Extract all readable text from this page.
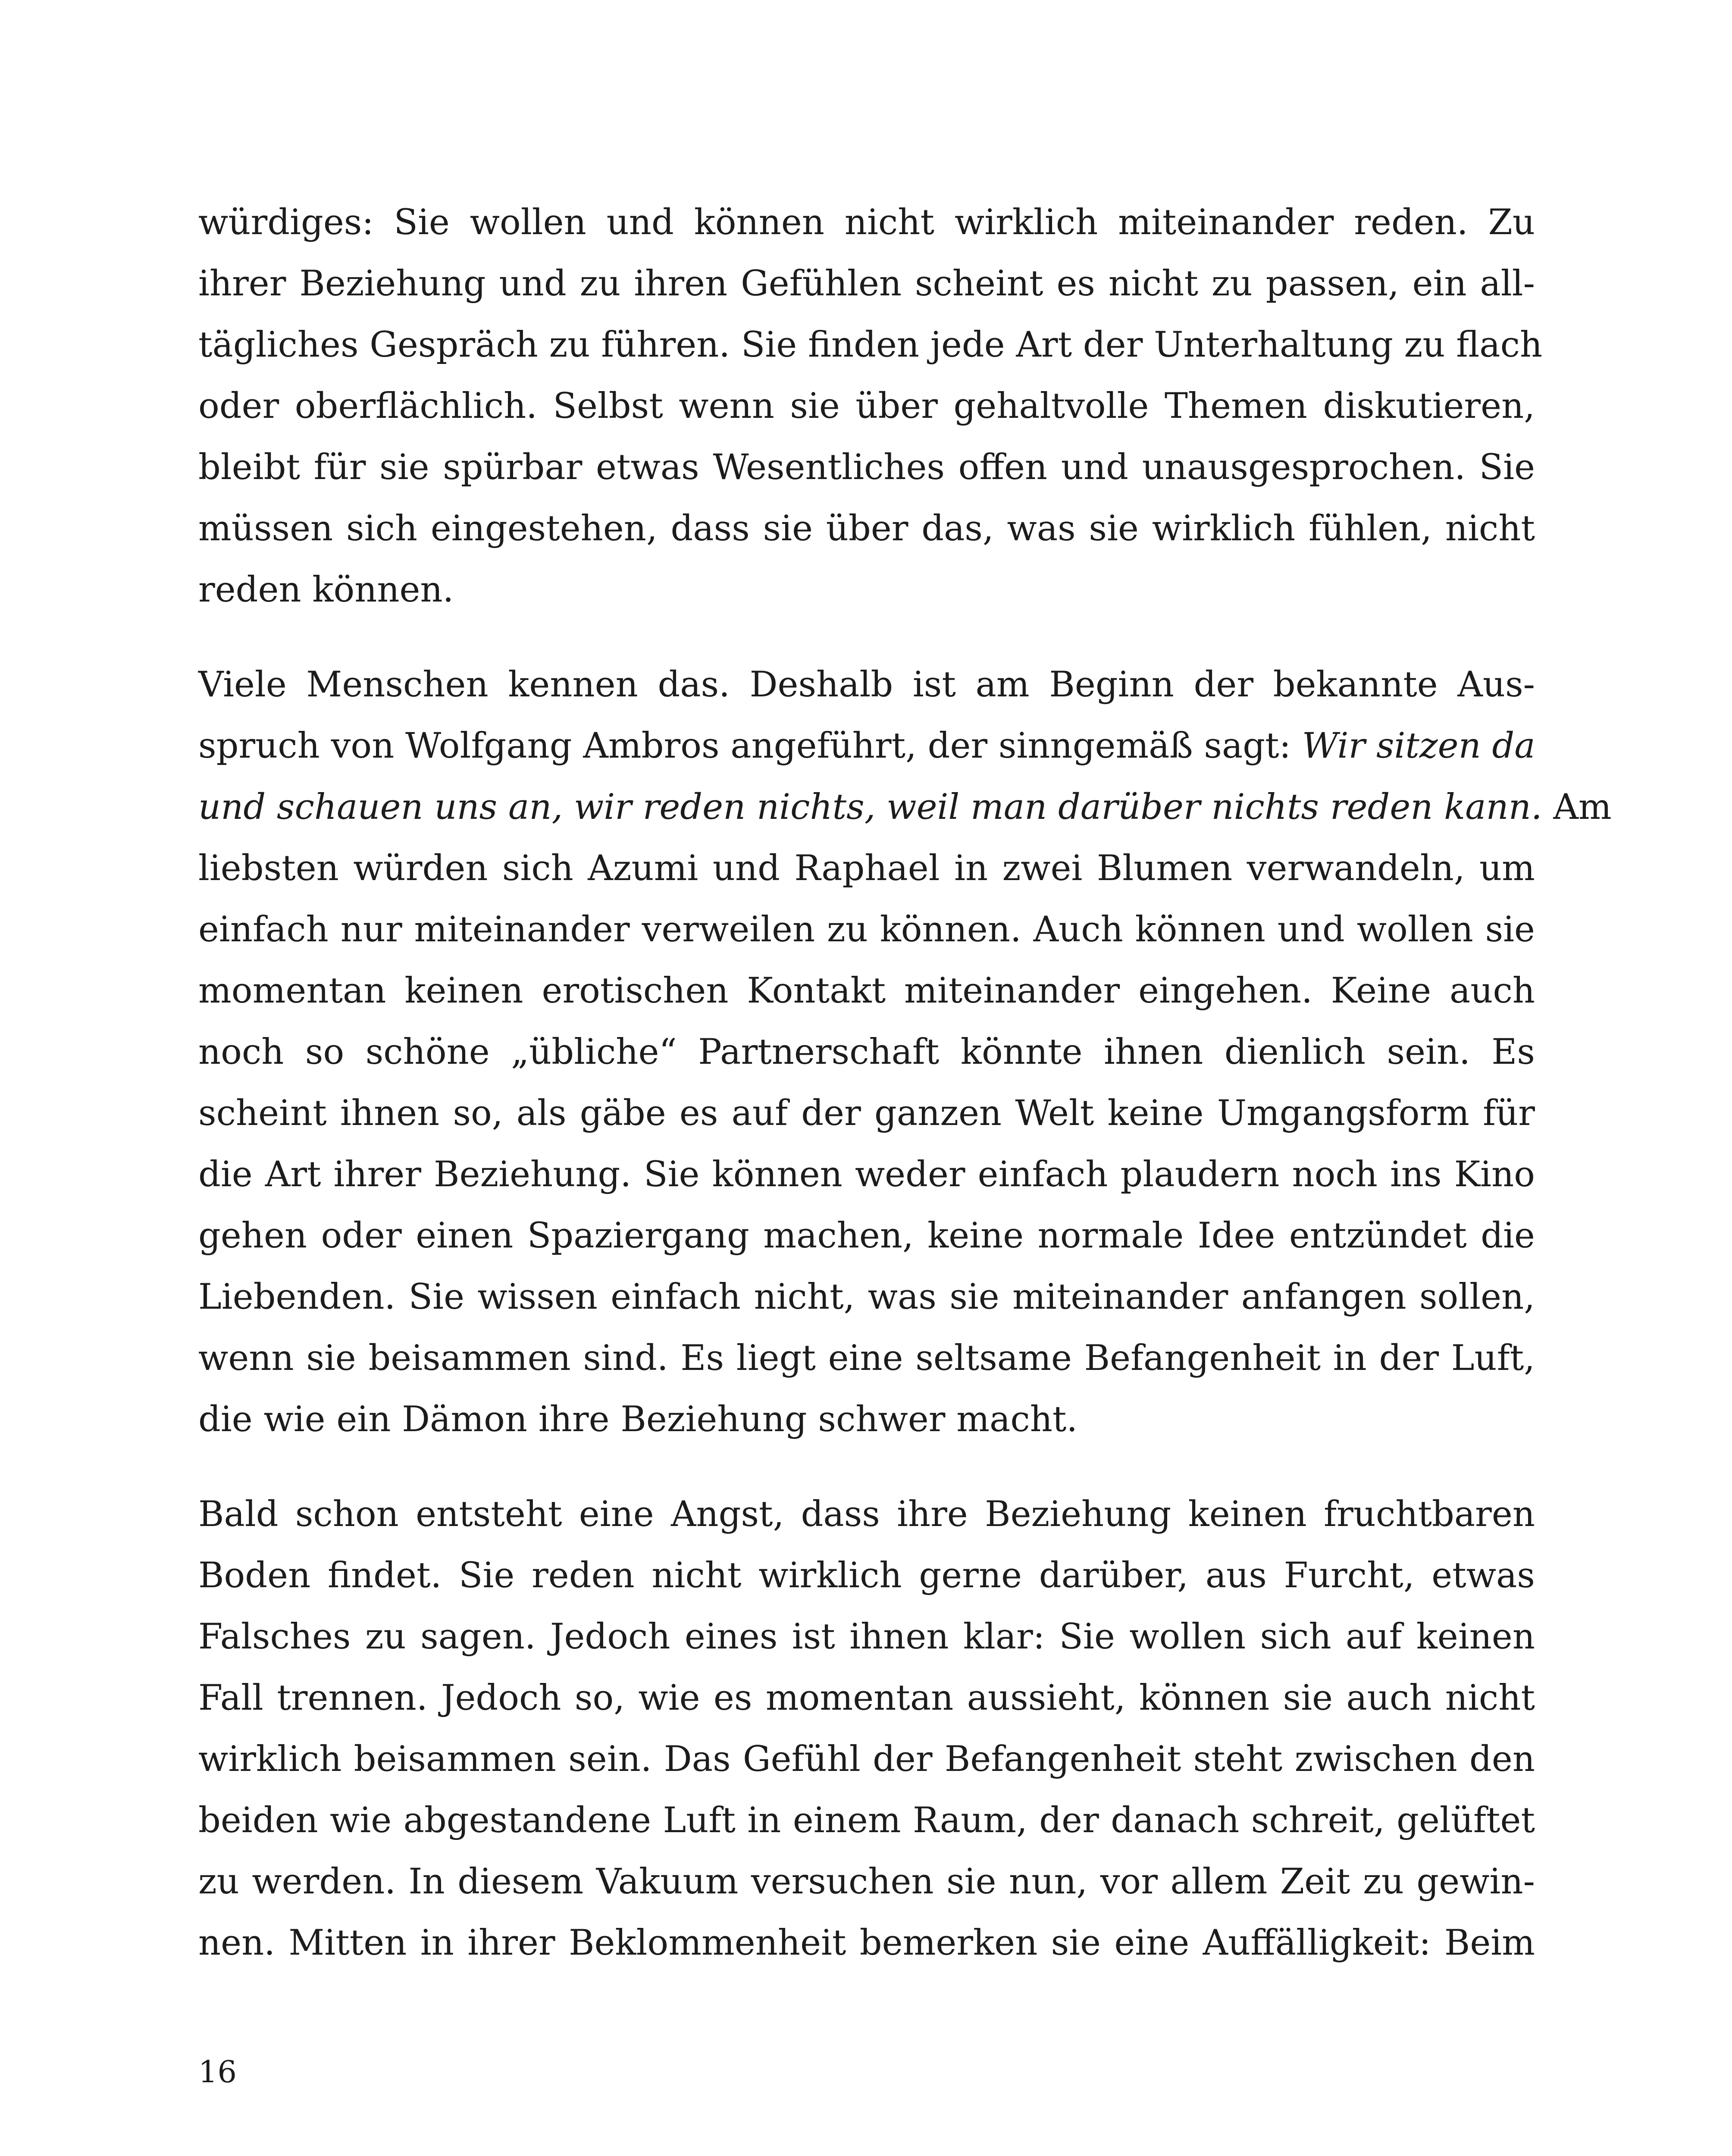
würdiges: Sie wollen und können nicht wirklich miteinander reden. Zu
ihrer Beziehung und zu ihren Gefühlen scheint es nicht zu passen, ein all-
tägliches Gespräch zu führen. Sie finden jede Art der Unterhaltung zu flach
oder oberflächlich. Selbst wenn sie über gehaltvolle Themen diskutieren,
bleibt für sie spürbar etwas Wesentliches offen und unausgesprochen. Sie
müssen sich eingestehen, dass sie über das, was sie wirklich fühlen, nicht
reden können.
Viele Menschen kennen das. Deshalb ist am Beginn der bekannte Aus-
spruch von Wolfgang Ambros angeführt, der sinngemäß sagt: Wir sitzen da
und schauen uns an, wir reden nichts, weil man darüber nichts reden kann. Am
liebsten würden sich Azumi und Raphael in zwei Blumen verwandeln, um
einfach nur miteinander verweilen zu können. Auch können und wollen sie
momentan keinen erotischen Kontakt miteinander eingehen. Keine auch
noch so schöne „übliche“ Partnerschaft könnte ihnen dienlich sein. Es
scheint ihnen so, als gäbe es auf der ganzen Welt keine Umgangsform für
die Art ihrer Beziehung. Sie können weder einfach plaudern noch ins Kino
gehen oder einen Spaziergang machen, keine normale Idee entzündet die
Liebenden. Sie wissen einfach nicht, was sie miteinander anfangen sollen,
wenn sie beisammen sind. Es liegt eine seltsame Befangenheit in der Luft,
die wie ein Dämon ihre Beziehung schwer macht.
Bald schon entsteht eine Angst, dass ihre Beziehung keinen fruchtbaren
Boden findet. Sie reden nicht wirklich gerne darüber, aus Furcht, etwas
Falsches zu sagen. Jedoch eines ist ihnen klar: Sie wollen sich auf keinen
Fall trennen. Jedoch so, wie es momentan aussieht, können sie auch nicht
wirklich beisammen sein. Das Gefühl der Befangenheit steht zwischen den
beiden wie abgestandene Luft in einem Raum, der danach schreit, gelüftet
zu werden. In diesem Vakuum versuchen sie nun, vor allem Zeit zu gewin-
nen. Mitten in ihrer Beklommenheit bemerken sie eine Auffälligkeit: Beim
16
